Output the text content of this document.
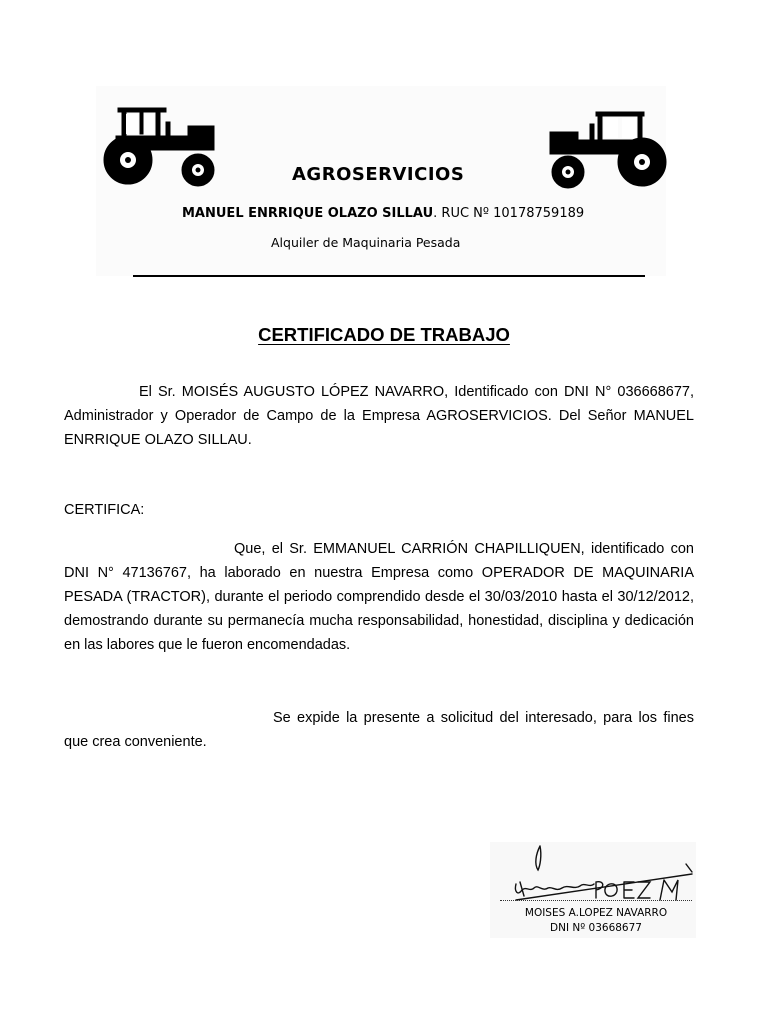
AGROSERVICIOS
MANUEL ENRRIQUE OLAZO SILLAU. RUC Nº 10178759189
Alquiler de Maquinaria Pesada
CERTIFICADO DE TRABAJO
El Sr. MOISÉS AUGUSTO LÓPEZ NAVARRO, Identificado con DNI N° 036668677, Administrador y Operador de Campo de la Empresa AGROSERVICIOS. Del Señor MANUEL ENRRIQUE OLAZO SILLAU.
CERTIFICA:
Que, el Sr. EMMANUEL CARRIÓN CHAPILLIQUEN, identificado con DNI N° 47136767, ha laborado en nuestra Empresa como OPERADOR DE MAQUINARIA PESADA (TRACTOR), durante el periodo comprendido desde el 30/03/2010 hasta el 30/12/2012, demostrando durante su permanecía mucha responsabilidad, honestidad, disciplina y dedicación en las labores que le fueron encomendadas.
Se expide la presente a solicitud del interesado, para los fines que crea conveniente.
MOISES A.LOPEZ NAVARRO
DNI Nº 03668677
